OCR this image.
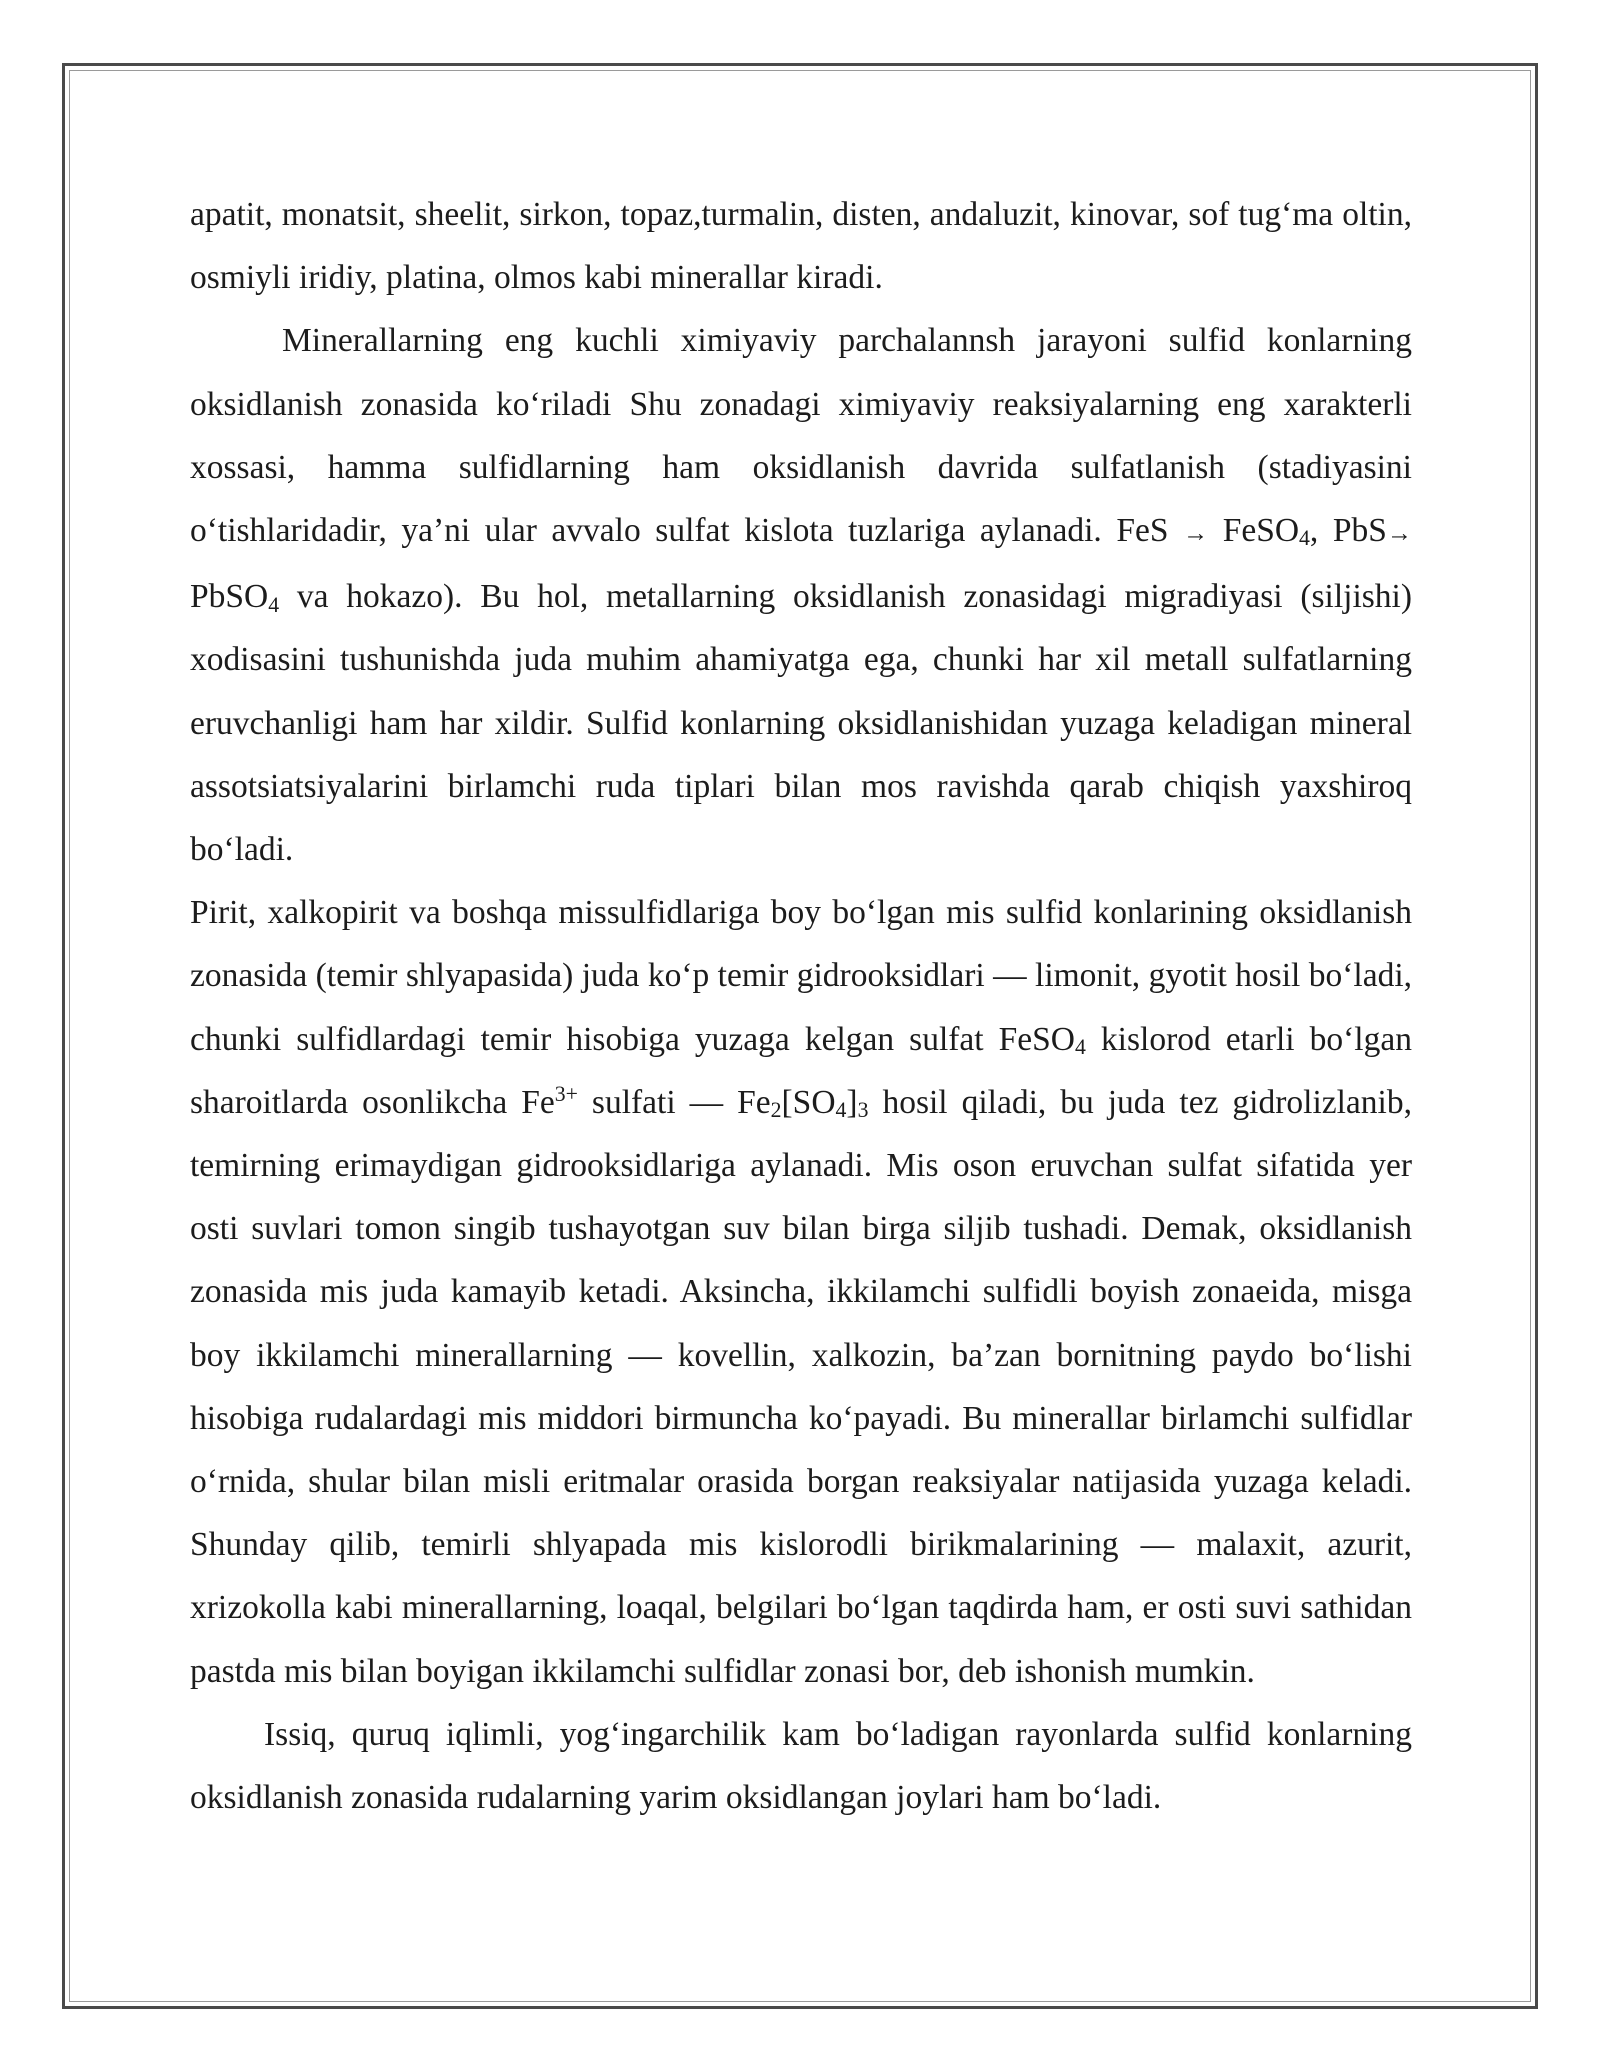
apatit, monatsit, sheelit, sirkon, topaz,turmalin, disten, andaluzit, kinovar, sof tug‘ma oltin, osmiyli iridiy, platina, olmos kabi minerallar kiradi.

Minerallarning eng kuchli ximiyaviy parchalannsh jarayoni sulfid konlarning oksidlanish zonasida ko‘riladi Shu zonadagi ximiyaviy reaksiyalarning eng xarakterli xossasi, hamma sulfidlarning ham oksidlanish davrida sulfatlanish (stadiyasini o‘tishlaridadir, ya’ni ular avvalo sulfat kislota tuzlariga aylanadi. FeS → FeSO$_4$, PbS→ PbSO$_4$ va hokazo). Bu hol, metallarning oksidlanish zonasidagi migradiyasi (siljishi) xodisasini tushunishda juda muhim ahamiyatga ega, chunki har xil metall sulfatlarning eruvchanligi ham har xildir. Sulfid konlarning oksidlanishidan yuzaga keladigan mineral assotsiatsiyalarini birlamchi ruda tiplari bilan mos ravishda qarab chiqish yaxshiroq bo‘ladi.

Pirit, xalkopirit va boshqa missulfidlariga boy bo‘lgan mis sulfid konlarining oksidlanish zonasida (temir shlyapasida) juda ko‘p temir gidrooksidlari — limonit, gyotit hosil bo‘ladi, chunki sulfidlardagi temir hisobiga yuzaga kelgan sulfat FeSO$_4$ kislorod etarli bo‘lgan sharoitlarda osonlikcha $Fe^{3+}$ sulfati — $Fe_2[SO_4]_3$ hosil qiladi, bu juda tez gidrolizlanib, temirning erimaydigan gidrooksidlariga aylanadi. Mis oson eruvchan sulfat sifatida yer osti suvlari tomon singib tushayotgan suv bilan birga siljib tushadi. Demak, oksidlanish zonasida mis juda kamayib ketadi. Aksincha, ikkilamchi sulfidli boyish zonaeida, misga boy ikkilamchi minerallarning — kovellin, xalkozin, ba’zan bornitning paydo bo‘lishi hisobiga rudalardagi mis middori birmuncha ko‘payadi. Bu minerallar birlamchi sulfidlar o‘rnida, shular bilan misli eritmalar orasida borgan reaksiyalar natijasida yuzaga keladi. Shunday qilib, temirli shlyapada mis kislorodli birikmalarining — malaxit, azurit, xrizokolla kabi minerallarning, loaqal, belgilari bo‘lgan taqdirda ham, er osti suvi sathidan pastda mis bilan boyigan ikkilamchi sulfidlar zonasi bor, deb ishonish mumkin.

Issiq, quruq iqlimli, yog‘ingarchilik kam bo‘ladigan rayonlarda sulfid konlarning oksidlanish zonasida rudalarning yarim oksidlangan joylari ham bo‘ladi.
